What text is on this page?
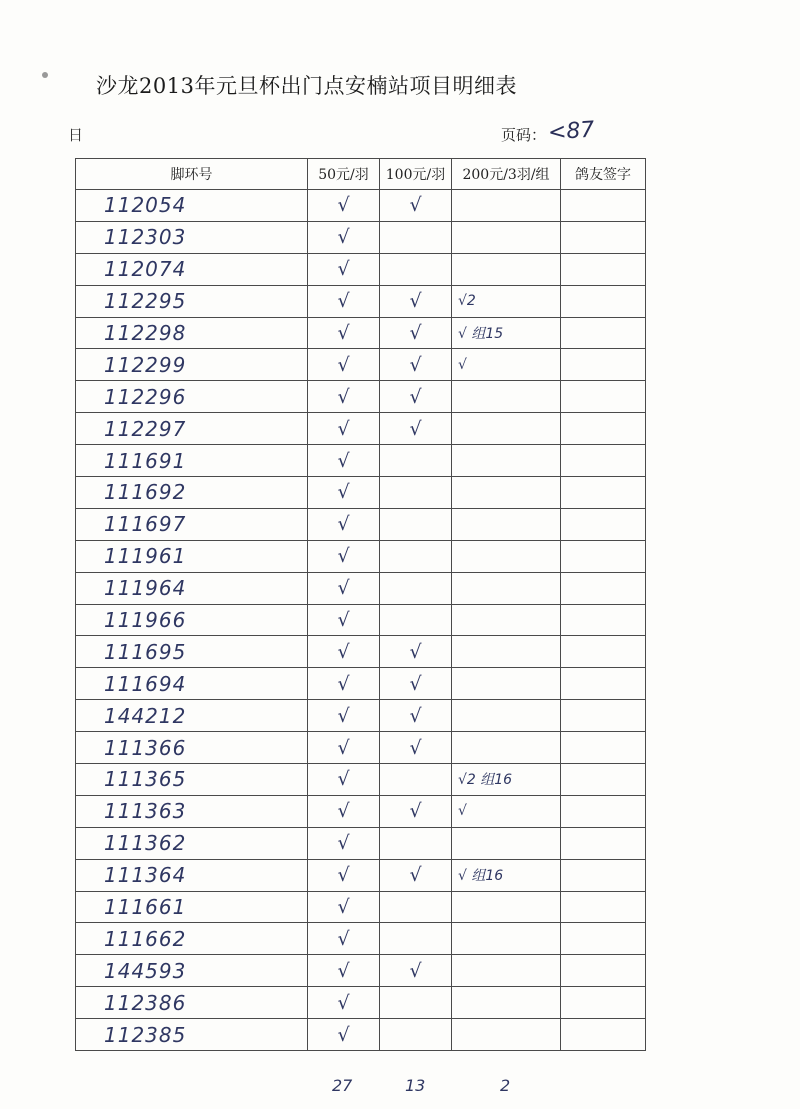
沙龙2013年元旦杯出门点安楠站项目明细表
日	页码： <87
脚环号	50元/羽	100元/羽	200元/3羽/组	鸽友签字
112054	√	√		
112303	√			
112074	√			
112295	√	√	√2	
112298	√	√	√ 组15	
112299	√	√	√	
112296	√	√		
112297	√	√		
111691	√			
111692	√			
111697	√			
111961	√			
111964	√			
111966	√			
111695	√	√		
111694	√	√		
144212	√	√		
111366	√	√		
111365	√		√2 组16	
111363	√	√	√	
111362	√			
111364	√	√	√ 组16	
111661	√			
111662	√			
144593	√	√		
112386	√			
112385	√			
27	13	2
